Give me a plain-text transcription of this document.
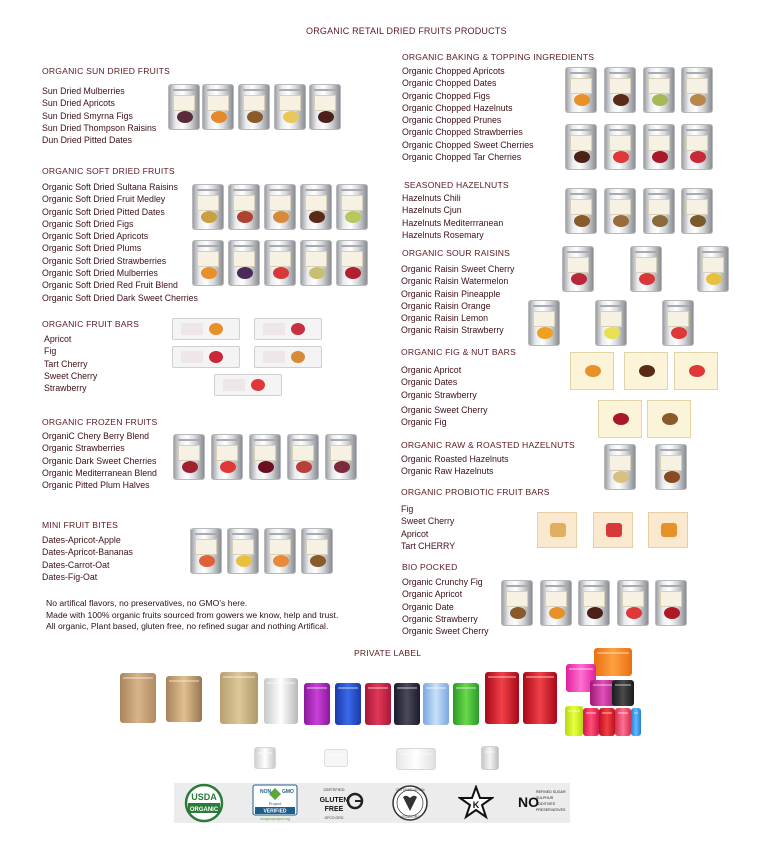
ORGANIC RETAIL DRIED FRUITS PRODUCTS
ORGANIC SUN DRIED FRUITS
Sun Dried Mulberries
Sun Dried Apricots
Sun Dried Smyrna Figs
Sun Dried Thompson Raisins
Dun Dried Pitted Dates
ORGANIC SOFT DRIED FRUITS
Organic Soft Dried Sultana Raisins
Organic Soft Dried Fruit Medley
Organic Soft Dried Pitted Dates
Organic Soft Dried Figs
Organic Soft Dried Apricots
Organic Soft Dried Plums
Organic Soft Dried Strawberries
Organic Soft Dried Mulberries
Organic Soft Dried Red Fruit Blend
Organic Soft Dried Dark Sweet Cherries
ORGANIC FRUIT BARS
Apricot
Fig
Tart Cherry
Sweet Cherry
Strawberry
ORGANIC FROZEN FRUITS
OrganiC Chery Berry Blend
Organic Strawberries
Organic Dark Sweet Cherries
Organic Mediterranean Blend
Organic Pitted Plum Halves
MINI FRUIT BITES
Dates-Apricot-Apple
Dates-Apricot-Bananas
Dates-Carrot-Oat
Dates-Fig-Oat
No artifical flavors, no preservatives, no GMO's here.
Made with 100% organic fruits sourced from gowers we know, help and trust.
All organic, Plant based, gluten free, no refined sugar and nothing Artifical.
ORGANIC BAKING & TOPPING INGREDIENTS
Organic Chopped Apricots
Organic Chopped Dates
Organic Chopped Figs
Organic Chopped Hazelnuts
Organic Chopped Prunes
Organic Chopped Strawberries
Organic Chopped Sweet Cherries
Organic Chopped Tar Cherries
SEASONED HAZELNUTS
Hazelnuts Chili
Hazelnuts Cjun
Hazelnuts Mediterrranean
Hazelnuts Rosemary
ORGANIC SOUR RAISINS
Organic Raisin Sweet Cherry
Organic Raisin Watermelon
Organic Raisin Pineapple
Organic Raisin Orange
Organic Raisin Lemon
Organic Raisin Strawberry
ORGANIC FIG & NUT BARS
Organic Apricot
Organic Dates
Organic Strawberry
Organic Sweet Cherry
Organic Fig
ORGANIC RAW & ROASTED HAZELNUTS
Organic Roasted Hazelnuts
Organic Raw Hazelnuts
ORGANIC PROBIOTIC FRUIT BARS
Fig
Sweet Cherry
Apricot
Tart CHERRY
BIO POCKED
Organic Crunchy Fig
Organic Apricot
Organic Date
Organic Strawberry
Organic Sweet Cherry
PRIVATE LABEL
USDA
ORGANIC
NON GMO
Project
VERIFIED
nongmoproject.org
CERTIFIED
GLUTEN
FREE
GFCO.ORG
CERTIFIED VEGAN
VEGAN.ORG
K	NO
REFINED SUGAR
SULPHUR
ADDITIVES
PRESERVATIVES
